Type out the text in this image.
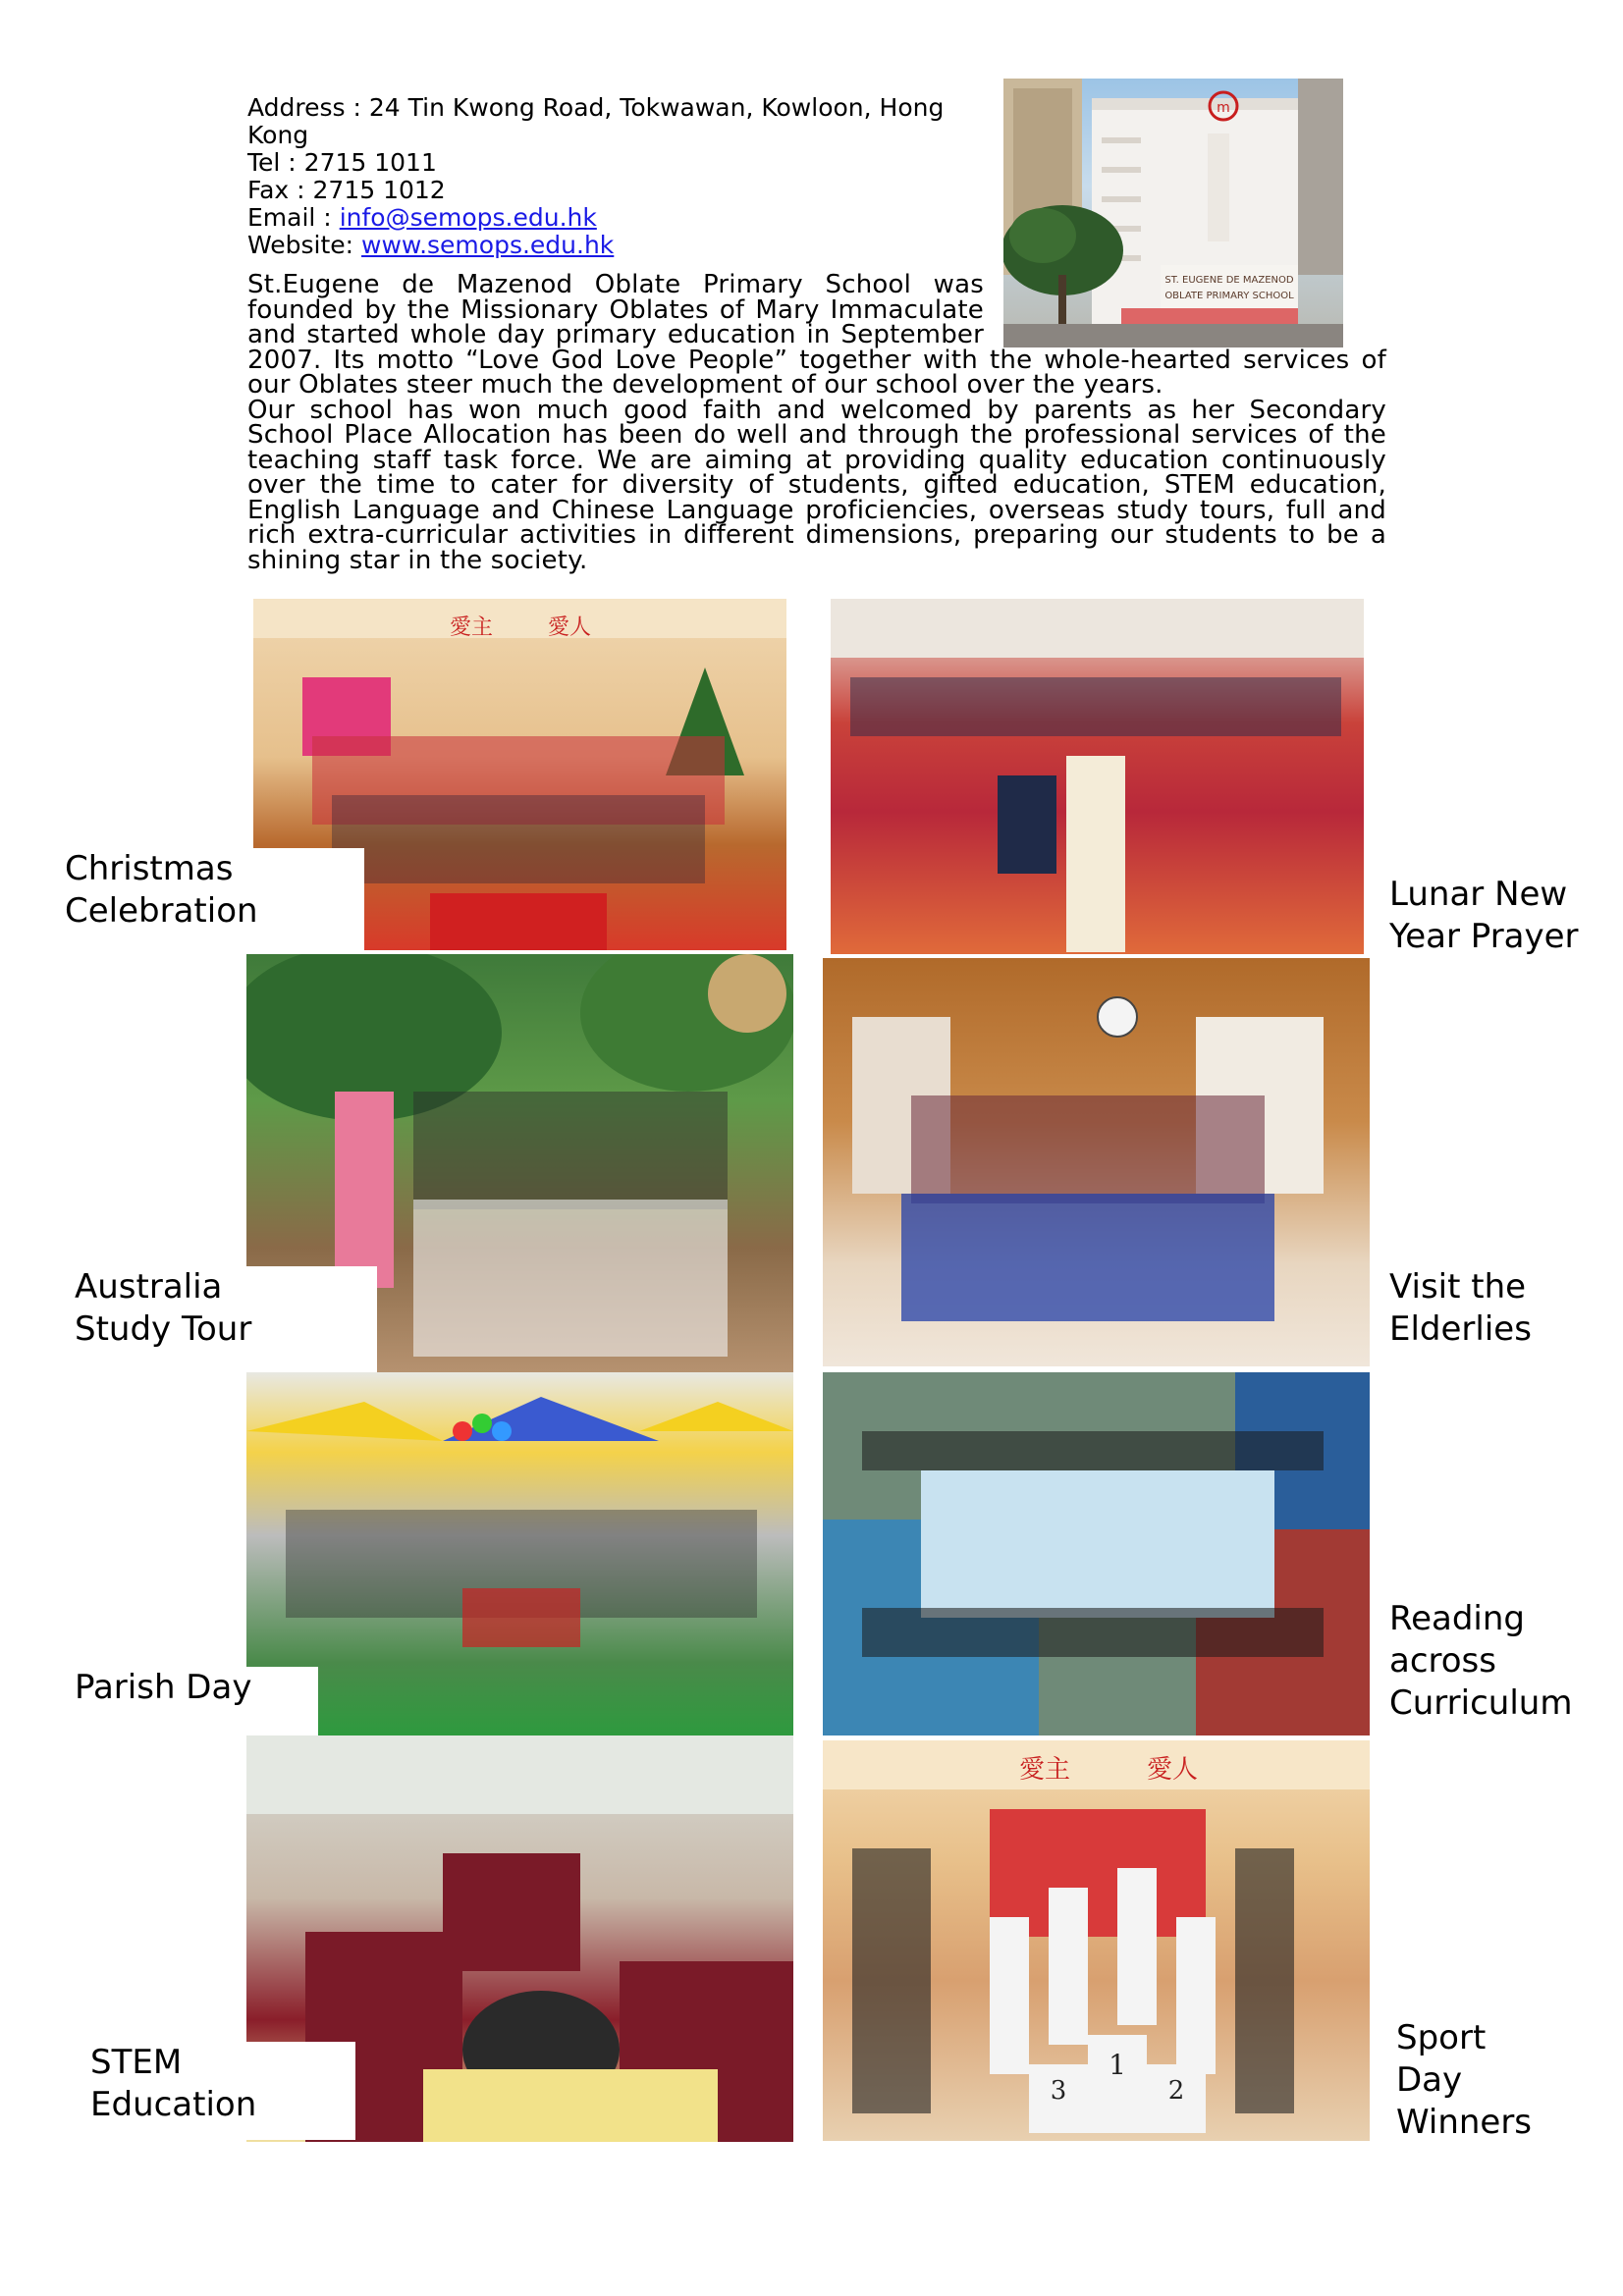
Address : 24 Tin Kwong Road, Tokwawan, Kowloon, Hong
Kong
Tel : 2715 1011
Fax : 2715 1012
Email : info@semops.edu.hk
Website: www.semops.edu.hk
m
ST. EUGENE DE MAZENOD
OBLATE PRIMARY SCHOOL

St.Eugene de Mazenod Oblate Primary School was founded by the Missionary Oblates of Mary Immaculate and started whole day primary education in September 2007. Its motto “Love God Love People” together with the whole-hearted services of our Oblates steer much the development of our school over the years.

Our school has won much good faith and welcomed by parents as her Secondary School Place Allocation has been do well and through the professional services of the teaching staff task force. We are aiming at providing quality education continuously over the time to cater for diversity of students, gifted education, STEM education, English Language and Chinese Language proficiencies, overseas study tours, full and rich extra-curricular activities in different dimensions, preparing our students to be a shining star in the society.

愛主	愛人
Christmas
Celebration	Lunar New
Year Prayer
Australia
Study Tour
Visit the
Elderlies
Parish Day
Reading
across
Curriculum
STEM
Education
愛主	愛人
1
2
3
Sport
Day
Winners
